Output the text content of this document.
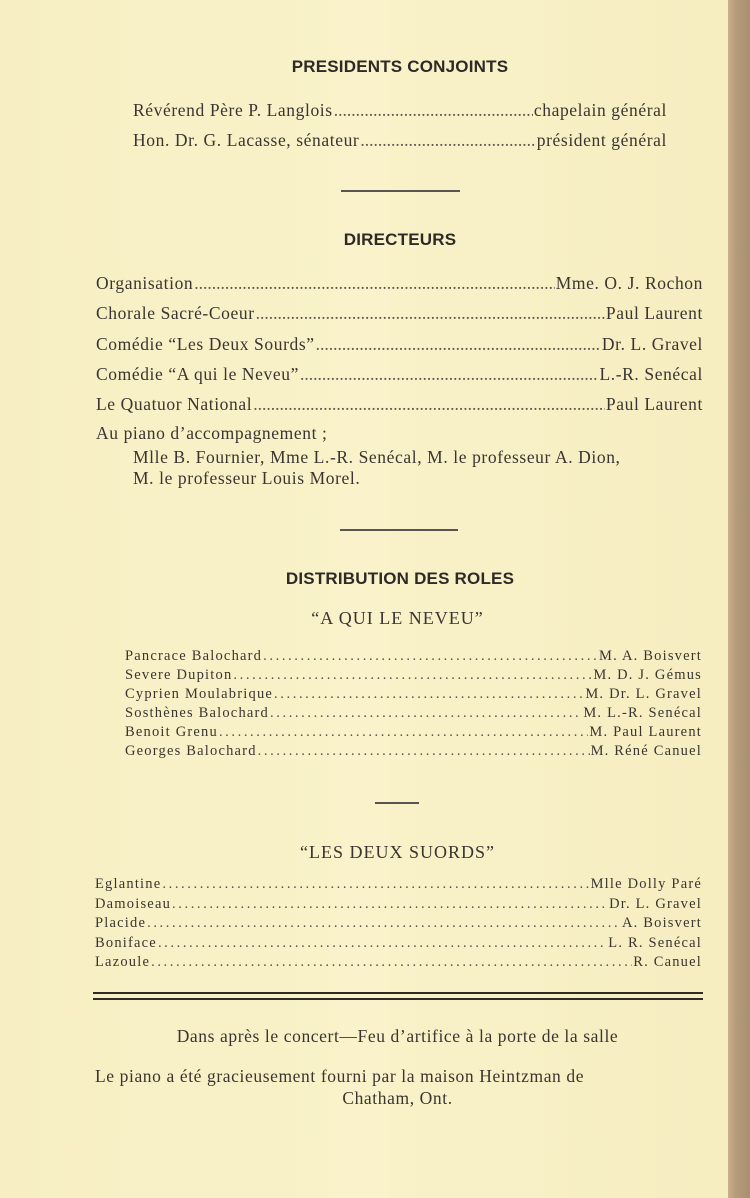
PRESIDENTS CONJOINTS
Révérend Père P. Langlois .....	chapelain général
Hon. Dr. G. Lacasse, sénateur .....	président général
DIRECTEURS
Organisation .....	Mme. O. J. Rochon
Chorale Sacré-Coeur .....	Paul Laurent
Comédie “Les Deux Sourds” .....	Dr. L. Gravel
Comédie “A qui le Neveu” .....	L.-R. Senécal
Le Quatuor National .....	Paul Laurent
Au piano d’accompagnement ;
Mlle B. Fournier, Mme L.-R. Senécal, M. le professeur A. Dion,
M. le professeur Louis Morel.
DISTRIBUTION DES ROLES
“A QUI LE NEVEU”
Pancrace Balochard .....	M. A. Boisvert
Severe Dupiton .....	M. D. J. Gémus
Cyprien Moulabrique .....	M. Dr. L. Gravel
Sosthènes Balochard .....	M. L.-R. Senécal
Benoit Grenu .....	M. Paul Laurent
Georges Balochard .....	M. Réné Canuel
“LES DEUX SUORDS”
Eglantine .....	Mlle Dolly Paré
Damoiseau .....	Dr. L. Gravel
Placide .....	A. Boisvert
Boniface .....	L. R. Senécal
Lazoule .....	R. Canuel
Dans après le concert—Feu d’artifice à la porte de la salle
Le piano a été gracieusement fourni par la maison Heintzman de
Chatham, Ont.
